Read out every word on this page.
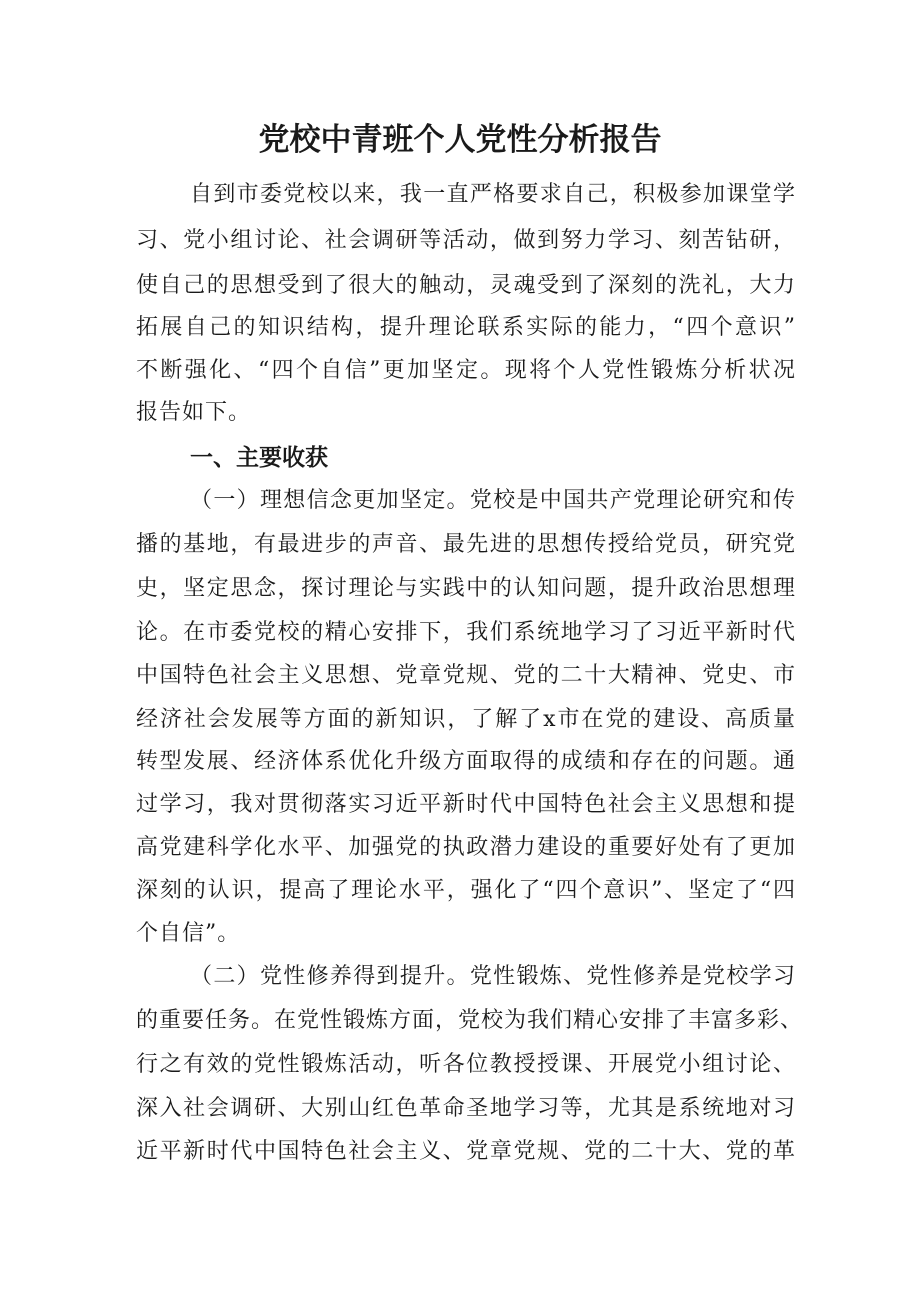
党校中青班个人党性分析报告
自到市委党校以来，我一直严格要求自己，积极参加课堂学
习、党小组讨论、社会调研等活动，做到努力学习、刻苦钻研，
使自己的思想受到了很大的触动，灵魂受到了深刻的洗礼，大力
拓展自己的知识结构，提升理论联系实际的能力，“四个意识”
不断强化、“四个自信”更加坚定。现将个人党性锻炼分析状况
报告如下。
一、主要收获
（一）理想信念更加坚定。党校是中国共产党理论研究和传
播的基地，有最进步的声音、最先进的思想传授给党员，研究党
史，坚定思念，探讨理论与实践中的认知问题，提升政治思想理
论。在市委党校的精心安排下，我们系统地学习了习近平新时代
中国特色社会主义思想、党章党规、党的二十大精神、党史、市
经济社会发展等方面的新知识，了解了x市在党的建设、高质量
转型发展、经济体系优化升级方面取得的成绩和存在的问题。通
过学习，我对贯彻落实习近平新时代中国特色社会主义思想和提
高党建科学化水平、加强党的执政潜力建设的重要好处有了更加
深刻的认识，提高了理论水平，强化了“四个意识”、坚定了“四
个自信”。
（二）党性修养得到提升。党性锻炼、党性修养是党校学习
的重要任务。在党性锻炼方面，党校为我们精心安排了丰富多彩、
行之有效的党性锻炼活动，听各位教授授课、开展党小组讨论、
深入社会调研、大别山红色革命圣地学习等，尤其是系统地对习
近平新时代中国特色社会主义、党章党规、党的二十大、党的革
